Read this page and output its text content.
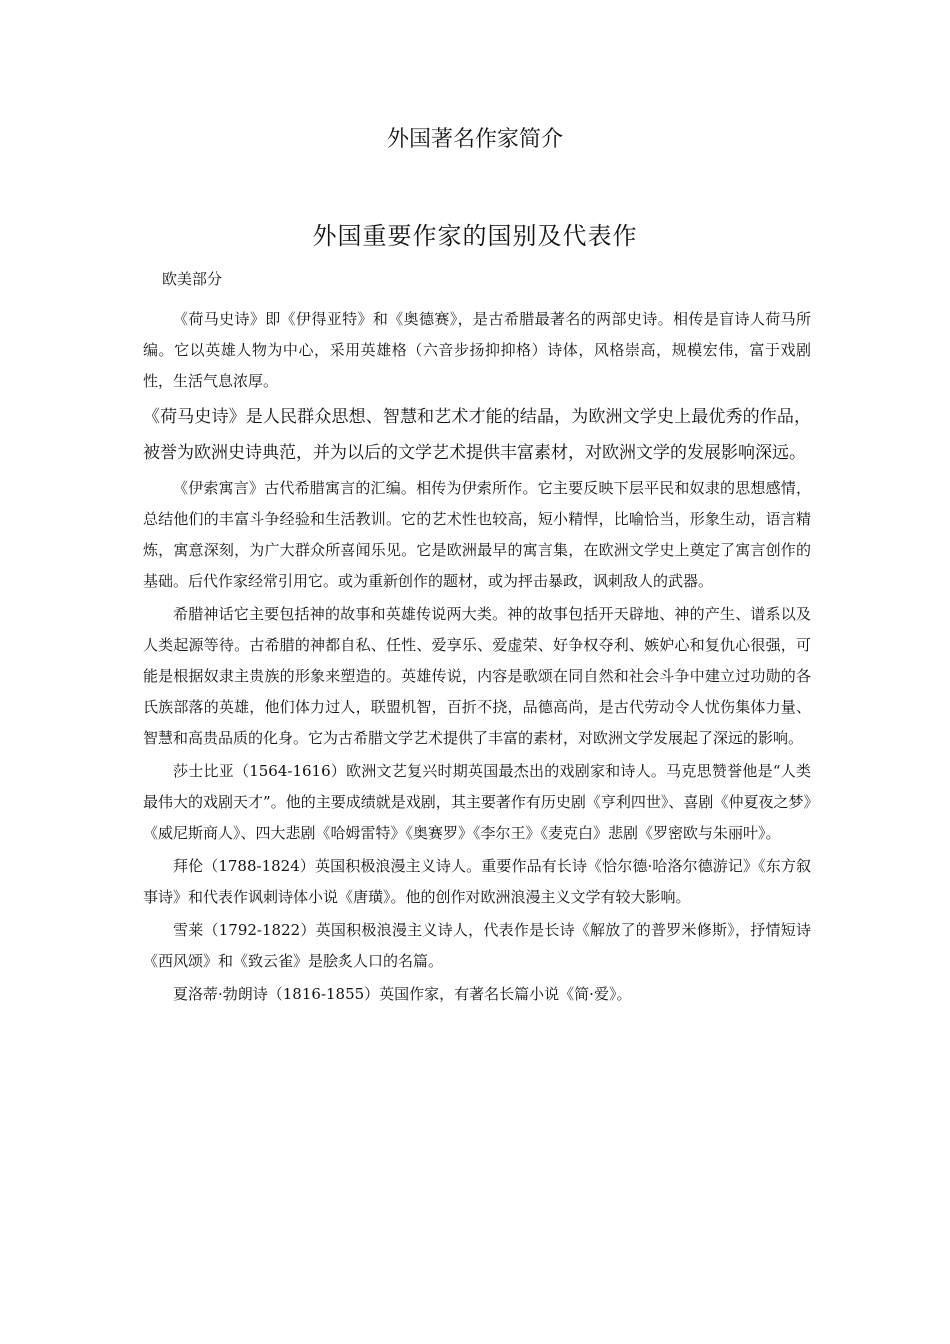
外国著名作家简介
外国重要作家的国别及代表作

欧美部分

《荷马史诗》即《伊得亚特》和《奥德赛》，是古希腊最著名的两部史诗。相传是盲诗人荷马所编。它以英雄人物为中心，采用英雄格（六音步扬抑抑格）诗体，风格崇高，规模宏伟，富于戏剧性，生活气息浓厚。

《荷马史诗》是人民群众思想、智慧和艺术才能的结晶，为欧洲文学史上最优秀的作品，被誉为欧洲史诗典范，并为以后的文学艺术提供丰富素材，对欧洲文学的发展影响深远。

《伊索寓言》古代希腊寓言的汇编。相传为伊索所作。它主要反映下层平民和奴隶的思想感情，总结他们的丰富斗争经验和生活教训。它的艺术性也较高，短小精悍，比喻恰当，形象生动，语言精炼，寓意深刻，为广大群众所喜闻乐见。它是欧洲最早的寓言集，在欧洲文学史上奠定了寓言创作的基础。后代作家经常引用它。或为重新创作的题材，或为抨击暴政，讽刺敌人的武器。

希腊神话它主要包括神的故事和英雄传说两大类。神的故事包括开天辟地、神的产生、谱系以及人类起源等待。古希腊的神都自私、任性、爱享乐、爱虚荣、好争权夺利、嫉妒心和复仇心很强，可能是根据奴隶主贵族的形象来塑造的。英雄传说，内容是歌颂在同自然和社会斗争中建立过功勋的各氏族部落的英雄，他们体力过人，联盟机智，百折不挠，品德高尚，是古代劳动令人忧伤集体力量、智慧和高贵品质的化身。它为古希腊文学艺术提供了丰富的素材，对欧洲文学发展起了深远的影响。

莎士比亚（1564-1616）欧洲文艺复兴时期英国最杰出的戏剧家和诗人。马克思赞誉他是“人类最伟大的戏剧天才”。他的主要成绩就是戏剧，其主要著作有历史剧《亨利四世》、喜剧《仲夏夜之梦》《威尼斯商人》、四大悲剧《哈姆雷特》《奥赛罗》《李尔王》《麦克白》悲剧《罗密欧与朱丽叶》。

拜伦（1788-1824）英国积极浪漫主义诗人。重要作品有长诗《恰尔德·哈洛尔德游记》《东方叙事诗》和代表作讽刺诗体小说《唐璜》。他的创作对欧洲浪漫主义文学有较大影响。

雪莱（1792-1822）英国积极浪漫主义诗人，代表作是长诗《解放了的普罗米修斯》，抒情短诗《西风颂》和《致云雀》是脍炙人口的名篇。

夏洛蒂·勃朗诗（1816-1855）英国作家，有著名长篇小说《简·爱》。
